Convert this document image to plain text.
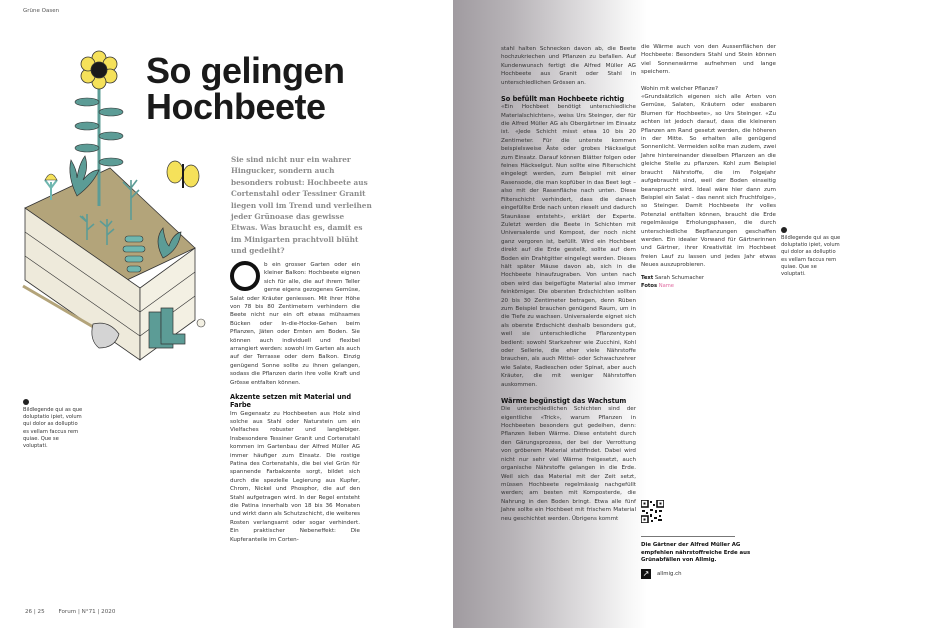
Grüne Oasen
So gelingen
Hochbeete

Sie sind nicht nur ein wahrer Hingucker, sondern auch besonders robust: Hochbeete aus Cortenstahl oder Tessiner Granit liegen voll im Trend und verleihen jeder Grünoase das gewisse Etwas. Was braucht es, damit es im Minigarten prachtvoll blüht und gedeiht?

b ein grosser Garten oder ein kleiner Balkon: Hochbeete eignen sich für alle, die auf ihrem Teller gerne eigens gezogenes Gemüse, Salat oder Kräuter geniessen. Mit ihrer Höhe von 78 bis 80 Zentimetern verhindern die Beete nicht nur ein oft etwas mühsames Bücken oder In-die-Hocke-Gehen beim Pflanzen, Jäten oder Ernten am Boden. Sie können auch individuell und flexibel arrangiert werden: sowohl im Garten als auch auf der Terrasse oder dem Balkon. Einzig genügend Sonne sollte zu ihnen gelangen, sodass die Pflanzen darin ihre volle Kraft und Grösse entfalten können.

Akzente setzen mit Material und Farbe

Im Gegensatz zu Hochbeeten aus Holz sind solche aus Stahl oder Naturstein um ein Vielfaches robuster und langlebiger. Insbesondere Tessiner Granit und Cortenstahl kommen im Gartenbau der Alfred Müller AG immer häufiger zum Einsatz. Die rostige Patina des Cortenstahls, die bei viel Grün für spannende Farbakzente sorgt, bildet sich durch die spezielle Legierung aus Kupfer, Chrom, Nickel und Phosphor, die auf den Stahl aufgetragen wird. In der Regel entsteht die Patina innerhalb von 18 bis 36 Monaten und wirkt dann als Schutzschicht, die weiteres Rosten verlangsamt oder sogar verhindert. Ein praktischer Nebeneffekt: Die Kupferanteile im Corten-

stahl halten Schnecken davon ab, die Beete hochzukriechen und Pflanzen zu befallen. Auf Kundenwunsch fertigt die Alfred Müller AG Hochbeete aus Granit oder Stahl in unterschiedlichen Grössen an.

So befüllt man Hochbeete richtig

«Ein Hochbeet benötigt unterschiedliche Materialschichten», weiss Urs Steinger, der für die Alfred Müller AG als Obergärtner im Einsatz ist. «Jede Schicht misst etwa 10 bis 20 Zentimeter. Für die unterste kommen beispielsweise Äste oder grobes Häckselgut zum Einsatz. Darauf können Blätter folgen oder feines Häckselgut. Nun sollte eine Filterschicht eingelegt werden, zum Beispiel mit einer Rasensode, die man kopfüber in das Beet legt – also mit der Rasenfläche nach unten. Diese Filterschicht verhindert, dass die danach eingefüllte Erde nach unten rieselt und dadurch Staunässe entsteht», erklärt der Experte. Zuletzt werden die Beete in Schichten mit Universalerde und Kompost, der noch nicht ganz vergoren ist, befüllt. Wird ein Hochbeet direkt auf die Erde gestellt, sollte auf dem Boden ein Drahtgitter eingelegt werden. Dieses hält später Mäuse davon ab, sich in die Hochbeete hinaufzugraben. Von unten nach oben wird das beigefügte Material also immer feinkörniger. Die obersten Erdschichten sollten 20 bis 30 Zentimeter betragen, denn Rüben zum Beispiel brauchen genügend Raum, um in die Tiefe zu wachsen. Universalerde eignet sich als oberste Erdschicht deshalb besonders gut, weil sie unterschiedliche Pflanzentypen bedient: sowohl Starkzehrer wie Zucchini, Kohl oder Sellerie, die eher viele Nährstoffe brauchen, als auch Mittel- oder Schwachzehrer wie Salate, Radieschen oder Spinat, aber auch Kräuter, die mit weniger Nährstoffen auskommen.

Wärme begünstigt das Wachstum

Die unterschiedlichen Schichten sind der eigentliche «Trick», warum Pflanzen in Hochbeeten besonders gut gedeihen, denn: Pflanzen lieben Wärme. Diese entsteht durch den Gärungsprozess, der bei der Verrottung von gröberem Material stattfindet. Dabei wird nicht nur sehr viel Wärme freigesetzt, auch organische Nährstoffe gelangen in die Erde. Weil sich das Material mit der Zeit setzt, müssen Hochbeete regelmässig nachgefüllt werden; am besten mit Komposterde, die Nahrung in den Boden bringt. Etwa alle fünf Jahre sollte ein Hochbeet mit frischem Material neu geschichtet werden. Übrigens kommt

die Wärme auch von den Aussenflächen der Hochbeete: Besonders Stahl und Stein können viel Sonnenwärme aufnehmen und lange speichern.

Wohin mit welcher Pflanze?

«Grundsätzlich eigenen sich alle Arten von Gemüse, Salaten, Kräutern oder essbaren Blumen für Hochbeete», so Urs Steinger. «Zu achten ist jedoch darauf, dass die kleineren Pflanzen am Rand gesetzt werden, die höheren in der Mitte. So erhalten alle genügend Sonnenlicht. Vermeiden sollte man zudem, zwei Jahre hintereinander dieselben Pflanzen an die gleiche Stelle zu pflanzen. Kohl zum Beispiel braucht Nährstoffe, die im Folgejahr aufgebraucht sind, weil der Boden einseitig beansprucht wird. Ideal wäre hier dann zum Beispiel ein Salat – das nennt sich Fruchtfolge», so Steinger. Damit Hochbeete ihr volles Potenzial entfalten können, braucht die Erde regelmässige Erholungsphasen, die durch unterschiedliche Bepflanzungen geschaffen werden. Ein idealer Vorwand für Gärtnerinnen und Gärtner, ihrer Kreativität im Hochbeet freien Lauf zu lassen und jedes Jahr etwas Neues auszuprobieren.

Text Sarah Schumacher
Fotos Name
Bildlegende qui as que doluptatio ipiet, volum qui dolor as dolluptio es vellam faccus rem quiae. Que se voluptati.
Bildlegende qui as que doluptatio ipiet, volum qui dolor as dolluptio es vellam faccus rem quiae. Que se voluptati.
Die Gärtner der Alfred Müller AG empfehlen nährstoffreiche Erde aus Grünabfällen von Allmig.
↗	allmig.ch
26 | 25 Forum | N°71 | 2020
